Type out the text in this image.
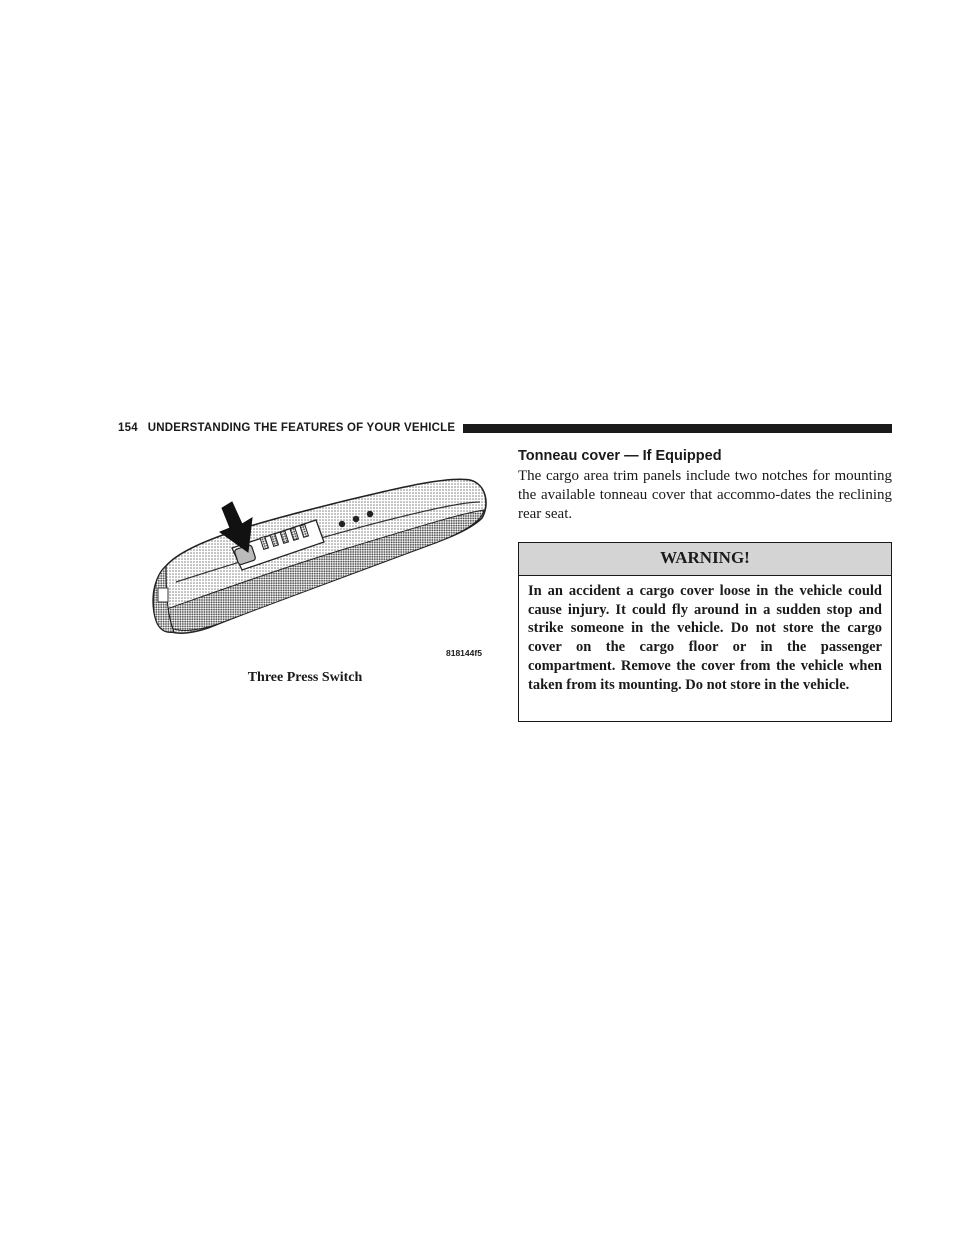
154 UNDERSTANDING THE FEATURES OF YOUR VEHICLE
818144f5
Three Press Switch
Tonneau cover — If Equipped

The cargo area trim panels include two notches for mounting the available tonneau cover that accommo-dates the reclining rear seat.

WARNING!

In an accident a cargo cover loose in the vehicle could cause injury. It could fly around in a sudden stop and strike someone in the vehicle. Do not store the cargo cover on the cargo floor or in the passenger compartment. Remove the cover from the vehicle when taken from its mounting. Do not store in the vehicle.
